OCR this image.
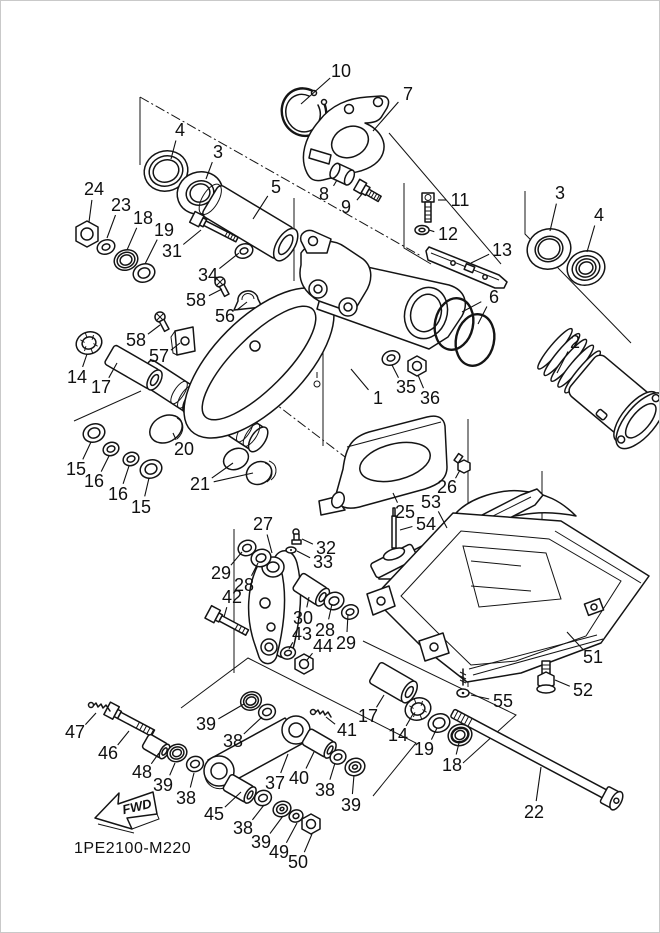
FWD
1PE2100-M220
10
7
4
3
5 8
9	11
12
13
3
4
24
23
18
19
31
34
58
56
58
57
6
2
1
35
36
14 17
20
21
15
16
16
15
26
25 53
54
27
32
33
29
28
42
30
43 28
29
44
51
52
55
17
14
19
18
22
47
46
48
39
38
39
38
37 40
38
39
45
38
39
49
50
41
